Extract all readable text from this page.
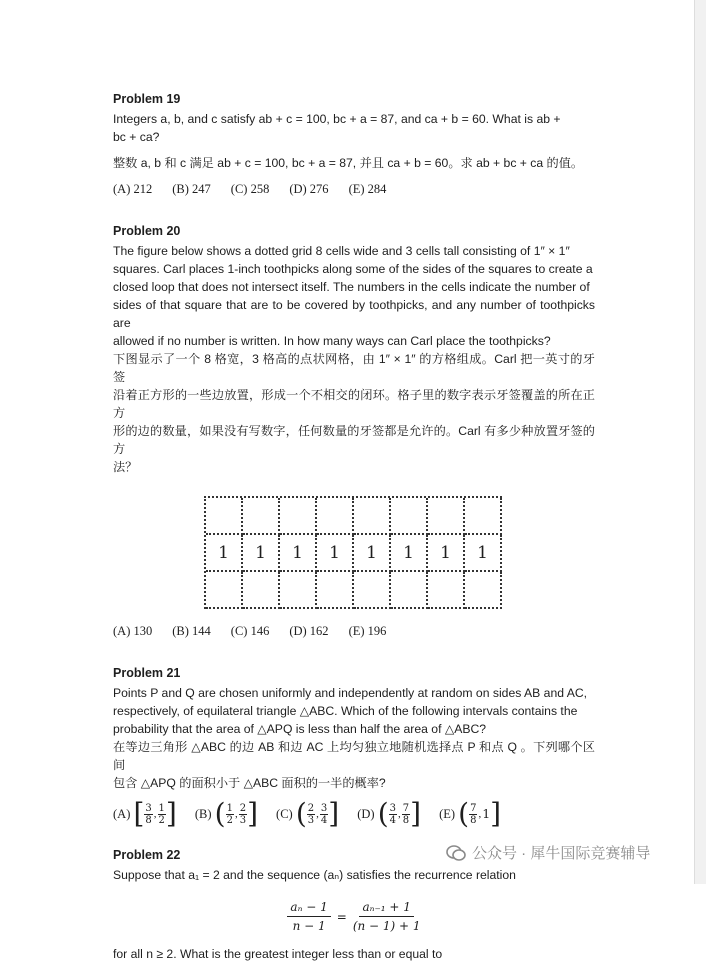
Problem 19

Integers a, b, and c satisfy ab + c = 100, bc + a = 87, and ca + b = 60. What is ab +

bc + ca?

整数 a, b 和 c 满足 ab + c = 100, bc + a = 87, 并且 ca + b = 60。求 ab + bc + ca 的值。

(A) 212 (B) 247 (C) 258 (D) 276 (E) 284

Problem 20

The figure below shows a dotted grid 8 cells wide and 3 cells tall consisting of 1″ × 1″

squares. Carl places 1-inch toothpicks along some of the sides of the squares to create a

closed loop that does not intersect itself. The numbers in the cells indicate the number of

sides of that square that are to be covered by toothpicks, and any number of toothpicks are

allowed if no number is written. In how many ways can Carl place the toothpicks?

下图显示了一个 8 格宽，3 格高的点状网格，由 1″ × 1″ 的方格组成。Carl 把一英寸的牙签

沿着正方形的一些边放置，形成一个不相交的闭环。格子里的数字表示牙签覆盖的所在正方

形的边的数量，如果没有写数字，任何数量的牙签都是允许的。Carl 有多少种放置牙签的方

法？

1	1	1	1	1	1	1	1
(A) 130 (B) 144 (C) 146 (D) 162 (E) 196

Problem 21

Points P and Q are chosen uniformly and independently at random on sides AB and AC,

respectively, of equilateral triangle △ABC. Which of the following intervals contains the

probability that the area of △APQ is less than half the area of △ABC?

在等边三角形 △ABC 的边 AB 和边 AC 上均匀独立地随机选择点 P 和点 Q 。下列哪个区间

包含 △APQ 的面积小于 △ABC 面积的一半的概率?

(A)
[ 3
8 , 1
2 ] (B)
( 1
2 , 2
3 ] (C)
( 2
3 , 3
4 ] (D)
( 3
4 , 7
8 ] (E)
( 7
8 , 1 ]

Problem 22

Suppose that a₁ = 2 and the sequence (aₙ) satisfies the recurrence relation

$\frac{\text{aₙ − 1}}{n - 1} = \frac{\text{aₙ₋₁ + 1}}{(n - 1) + 1}$

for all n ≥ 2. What is the greatest integer less than or equal to

公众号 · 犀牛国际竞赛辅导
